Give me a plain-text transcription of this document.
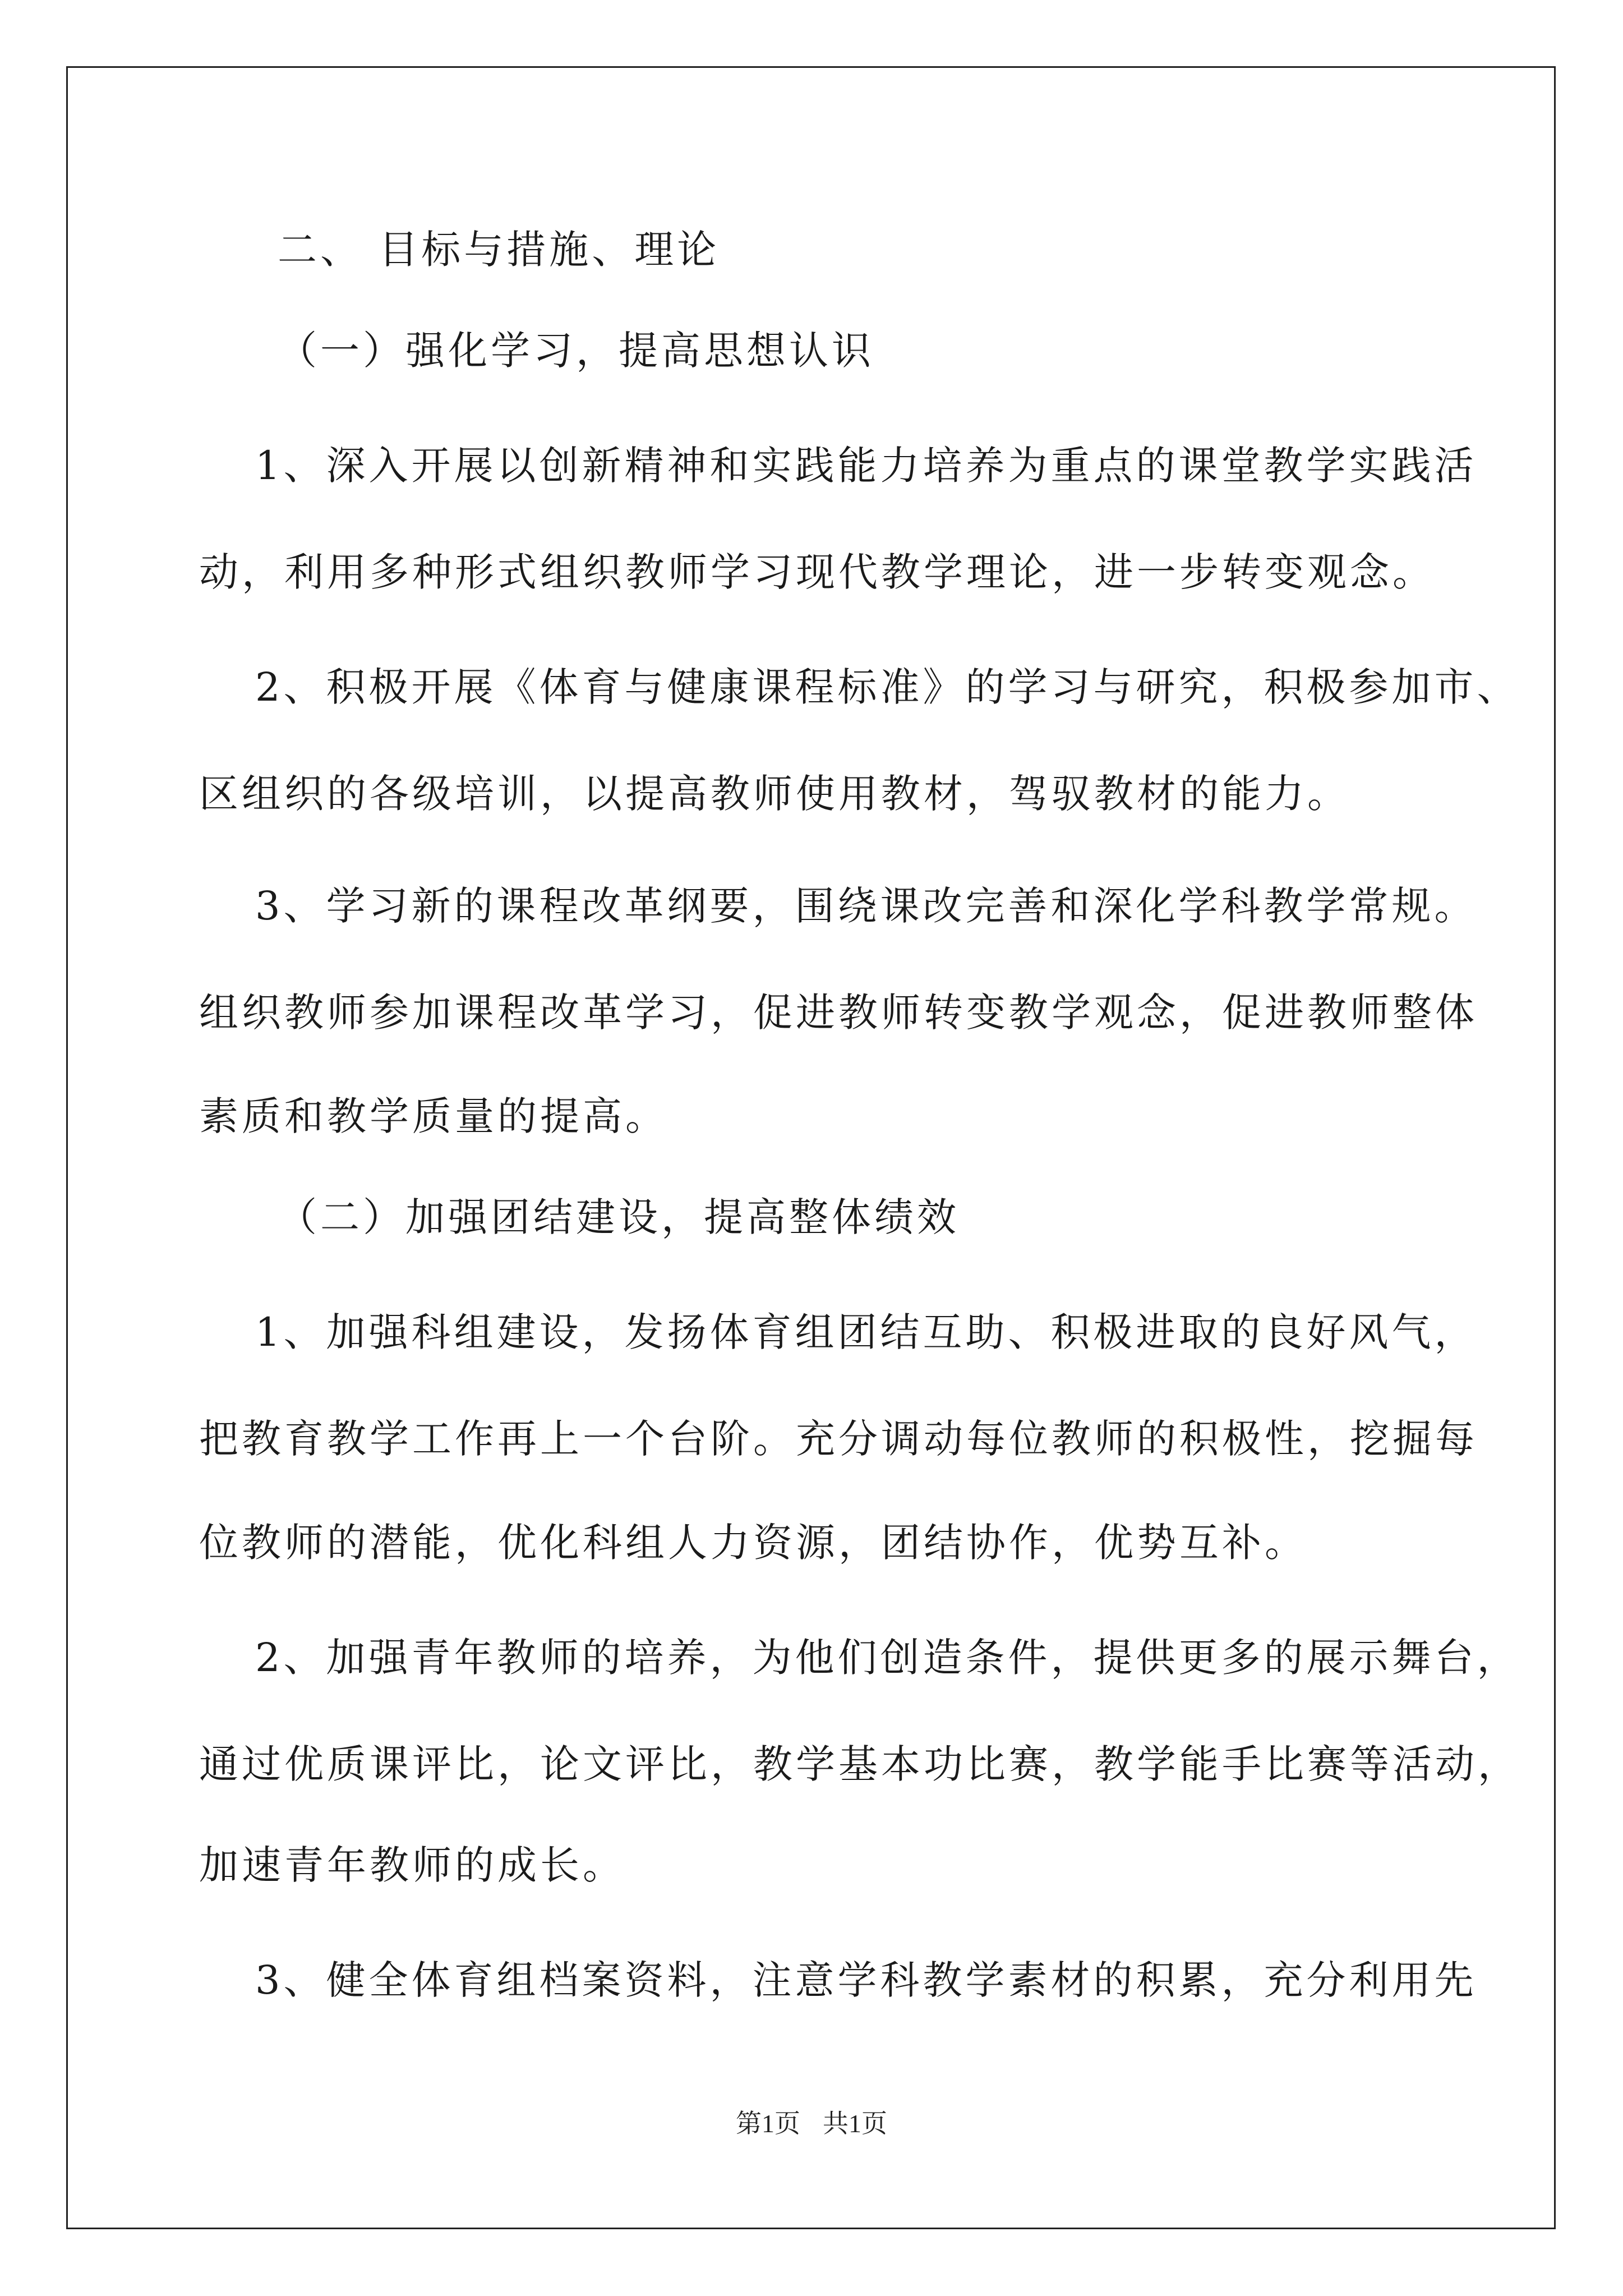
二、 目标与措施、理论
（一）强化学习，提高思想认识
1、深入开展以创新精神和实践能力培养为重点的课堂教学实践活
动，利用多种形式组织教师学习现代教学理论，进一步转变观念。
2、积极开展《体育与健康课程标准》的学习与研究，积极参加市、
区组织的各级培训，以提高教师使用教材，驾驭教材的能力。
3、学习新的课程改革纲要，围绕课改完善和深化学科教学常规。
组织教师参加课程改革学习，促进教师转变教学观念，促进教师整体
素质和教学质量的提高。
（二）加强团结建设，提高整体绩效
1、加强科组建设，发扬体育组团结互助、积极进取的良好风气，
把教育教学工作再上一个台阶。充分调动每位教师的积极性，挖掘每
位教师的潜能，优化科组人力资源，团结协作，优势互补。
2、加强青年教师的培养，为他们创造条件，提供更多的展示舞台，
通过优质课评比，论文评比，教学基本功比赛，教学能手比赛等活动，
加速青年教师的成长。
3、健全体育组档案资料，注意学科教学素材的积累，充分利用先
第1页 共1页
